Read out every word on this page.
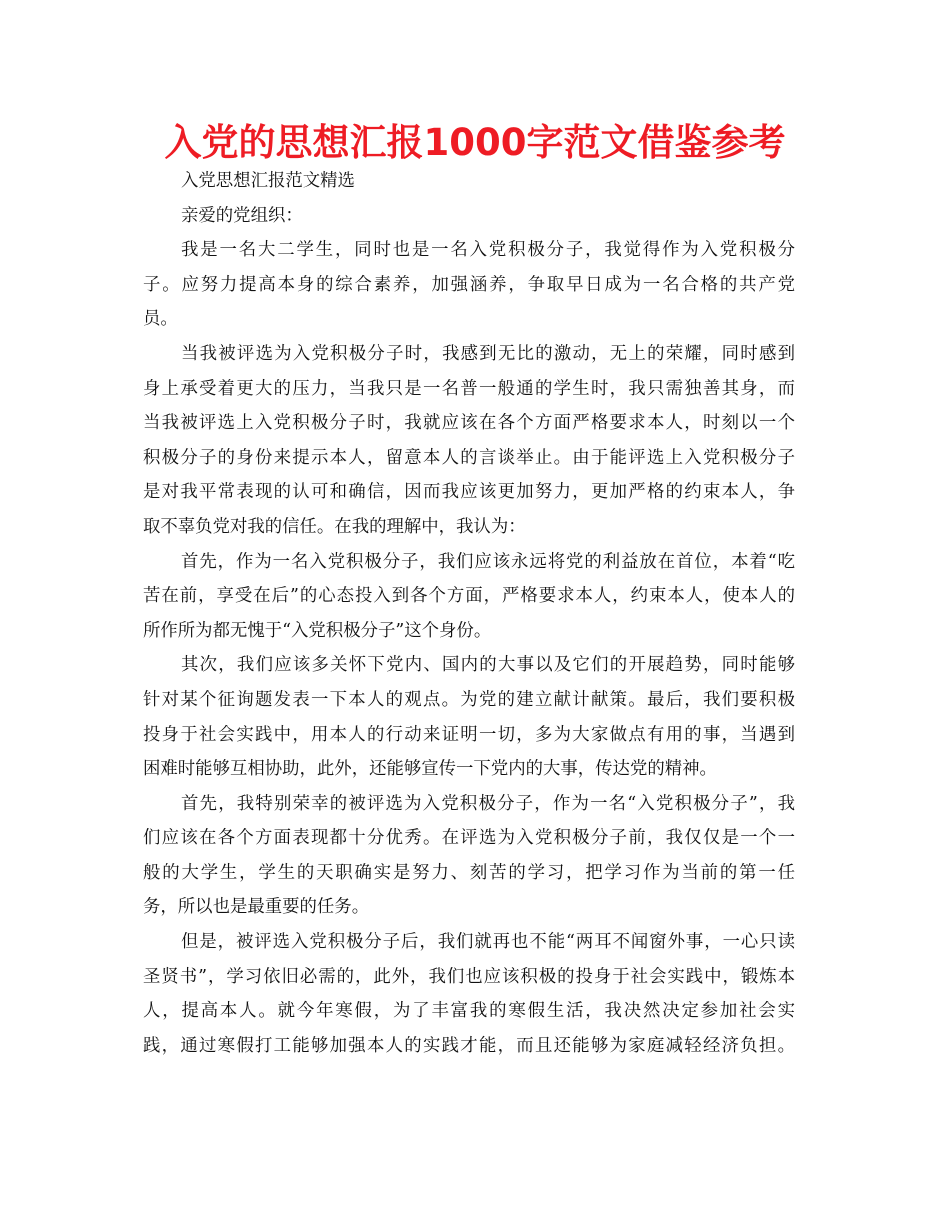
入党的思想汇报1000字范文借鉴参考
入党思想汇报范文精选
亲爱的党组织：
我是一名大二学生，同时也是一名入党积极分子，我觉得作为入党积极分
子。应努力提高本身的综合素养，加强涵养，争取早日成为一名合格的共产党
员。
当我被评选为入党积极分子时，我感到无比的激动，无上的荣耀，同时感到
身上承受着更大的压力，当我只是一名普一般通的学生时，我只需独善其身，而
当我被评选上入党积极分子时，我就应该在各个方面严格要求本人，时刻以一个
积极分子的身份来提示本人，留意本人的言谈举止。由于能评选上入党积极分子
是对我平常表现的认可和确信，因而我应该更加努力，更加严格的约束本人，争
取不辜负党对我的信任。在我的理解中，我认为：
首先，作为一名入党积极分子，我们应该永远将党的利益放在首位，本着“吃
苦在前，享受在后”的心态投入到各个方面，严格要求本人，约束本人，使本人的
所作所为都无愧于“入党积极分子”这个身份。
其次，我们应该多关怀下党内、国内的大事以及它们的开展趋势，同时能够
针对某个征询题发表一下本人的观点。为党的建立献计献策。最后，我们要积极
投身于社会实践中，用本人的行动来证明一切，多为大家做点有用的事，当遇到
困难时能够互相协助，此外，还能够宣传一下党内的大事，传达党的精神。
首先，我特别荣幸的被评选为入党积极分子，作为一名“入党积极分子”，我
们应该在各个方面表现都十分优秀。在评选为入党积极分子前，我仅仅是一个一
般的大学生，学生的天职确实是努力、刻苦的学习，把学习作为当前的第一任
务，所以也是最重要的任务。
但是，被评选入党积极分子后，我们就再也不能“两耳不闻窗外事，一心只读
圣贤书”，学习依旧必需的，此外，我们也应该积极的投身于社会实践中，锻炼本
人，提高本人。就今年寒假，为了丰富我的寒假生活，我决然决定参加社会实
践，通过寒假打工能够加强本人的实践才能，而且还能够为家庭减轻经济负担。
